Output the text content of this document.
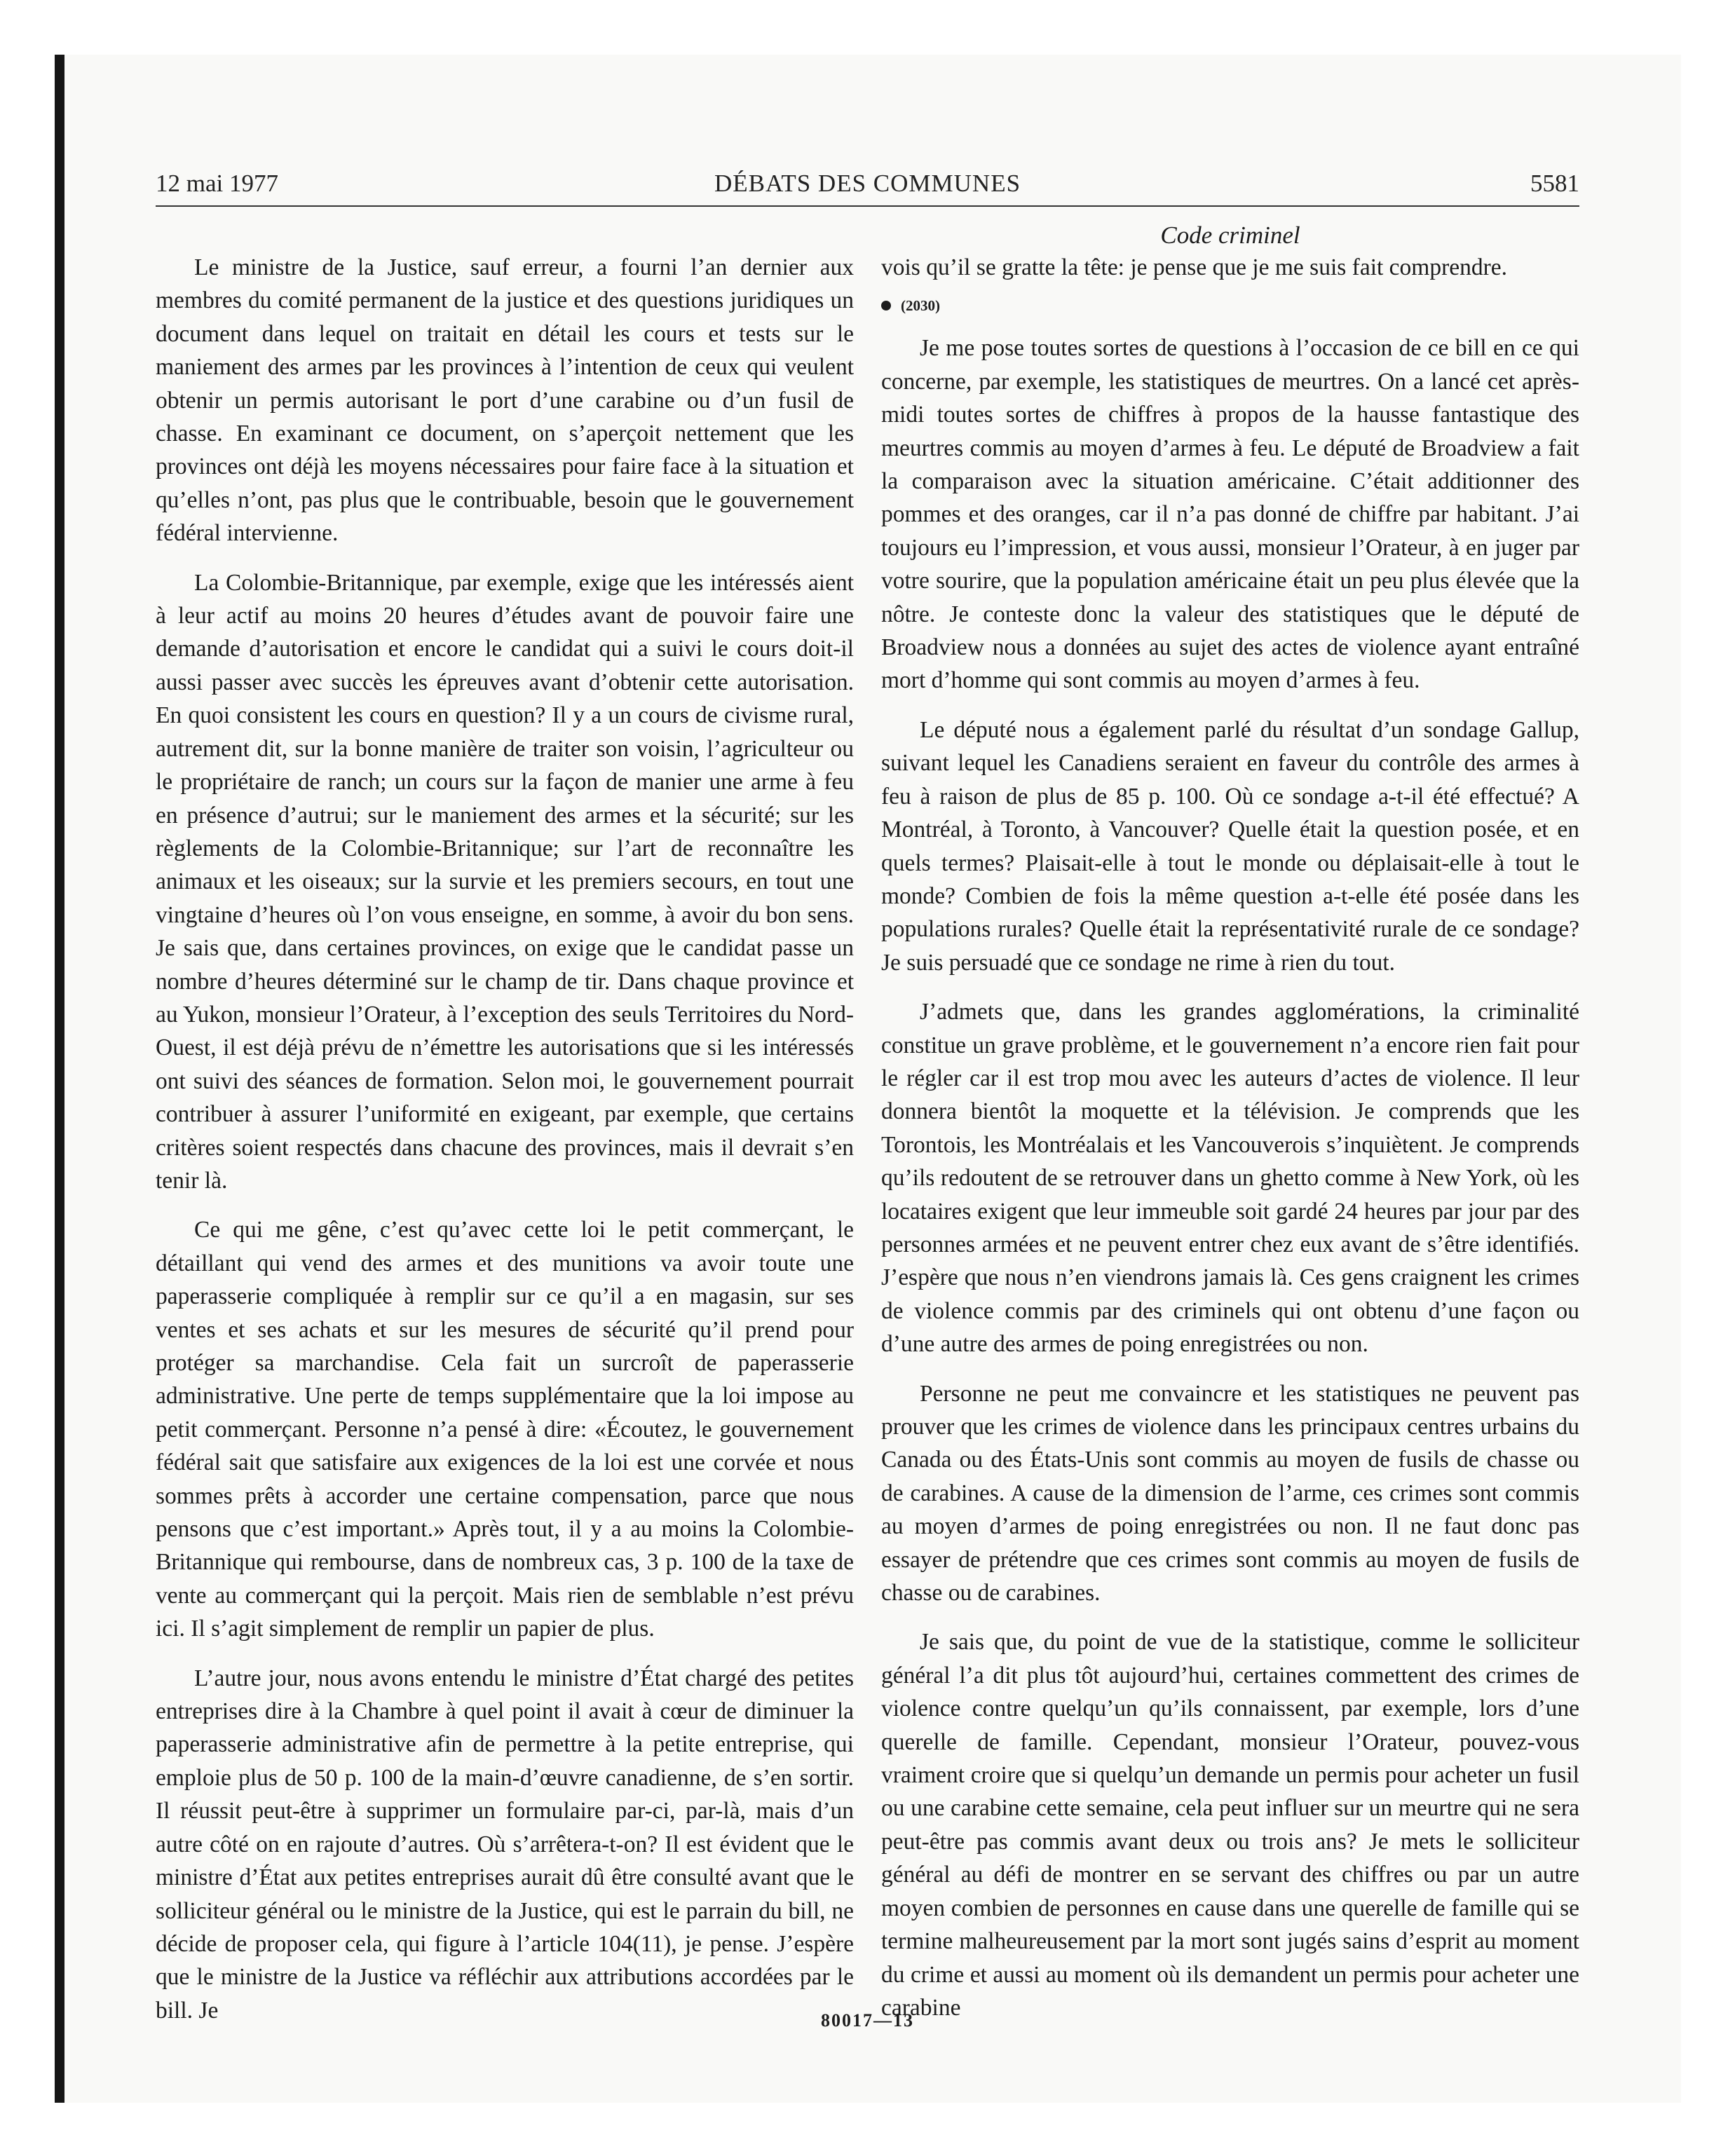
12 mai 1977	DÉBATS DES COMMUNES	5581
Code criminel

Le ministre de la Justice, sauf erreur, a fourni l’an dernier aux membres du comité permanent de la justice et des questions juridiques un document dans lequel on traitait en détail les cours et tests sur le maniement des armes par les provinces à l’intention de ceux qui veulent obtenir un permis autorisant le port d’une carabine ou d’un fusil de chasse. En examinant ce document, on s’aperçoit nettement que les provinces ont déjà les moyens nécessaires pour faire face à la situation et qu’elles n’ont, pas plus que le contribuable, besoin que le gouvernement fédéral intervienne.

La Colombie-Britannique, par exemple, exige que les intéressés aient à leur actif au moins 20 heures d’études avant de pouvoir faire une demande d’autorisation et encore le candidat qui a suivi le cours doit-il aussi passer avec succès les épreuves avant d’obtenir cette autorisation. En quoi consistent les cours en question? Il y a un cours de civisme rural, autrement dit, sur la bonne manière de traiter son voisin, l’agriculteur ou le propriétaire de ranch; un cours sur la façon de manier une arme à feu en présence d’autrui; sur le maniement des armes et la sécurité; sur les règlements de la Colombie-Britannique; sur l’art de reconnaître les animaux et les oiseaux; sur la survie et les premiers secours, en tout une vingtaine d’heures où l’on vous enseigne, en somme, à avoir du bon sens. Je sais que, dans certaines provinces, on exige que le candidat passe un nombre d’heures déterminé sur le champ de tir. Dans chaque province et au Yukon, monsieur l’Orateur, à l’exception des seuls Territoires du Nord-Ouest, il est déjà prévu de n’émettre les autorisations que si les intéressés ont suivi des séances de formation. Selon moi, le gouvernement pourrait contribuer à assurer l’uniformité en exigeant, par exemple, que certains critères soient respectés dans chacune des provinces, mais il devrait s’en tenir là.

Ce qui me gêne, c’est qu’avec cette loi le petit commerçant, le détaillant qui vend des armes et des munitions va avoir toute une paperasserie compliquée à remplir sur ce qu’il a en magasin, sur ses ventes et ses achats et sur les mesures de sécurité qu’il prend pour protéger sa marchandise. Cela fait un surcroît de paperasserie administrative. Une perte de temps supplémentaire que la loi impose au petit commerçant. Personne n’a pensé à dire: «Écoutez, le gouvernement fédéral sait que satisfaire aux exigences de la loi est une corvée et nous sommes prêts à accorder une certaine compensation, parce que nous pensons que c’est important.» Après tout, il y a au moins la Colombie-Britannique qui rembourse, dans de nombreux cas, 3 p. 100 de la taxe de vente au commerçant qui la perçoit. Mais rien de semblable n’est prévu ici. Il s’agit simplement de remplir un papier de plus.

L’autre jour, nous avons entendu le ministre d’État chargé des petites entreprises dire à la Chambre à quel point il avait à cœur de diminuer la paperasserie administrative afin de permettre à la petite entreprise, qui emploie plus de 50 p. 100 de la main-d’œuvre canadienne, de s’en sortir. Il réussit peut-être à supprimer un formulaire par-ci, par-là, mais d’un autre côté on en rajoute d’autres. Où s’arrêtera-t-on? Il est évident que le ministre d’État aux petites entreprises aurait dû être consulté avant que le solliciteur général ou le ministre de la Justice, qui est le parrain du bill, ne décide de proposer cela, qui figure à l’article 104(11), je pense. J’espère que le ministre de la Justice va réfléchir aux attributions accordées par le bill. Je

vois qu’il se gratte la tête: je pense que je me suis fait comprendre.

(2030)

Je me pose toutes sortes de questions à l’occasion de ce bill en ce qui concerne, par exemple, les statistiques de meurtres. On a lancé cet après-midi toutes sortes de chiffres à propos de la hausse fantastique des meurtres commis au moyen d’armes à feu. Le député de Broadview a fait la comparaison avec la situation américaine. C’était additionner des pommes et des oranges, car il n’a pas donné de chiffre par habitant. J’ai toujours eu l’impression, et vous aussi, monsieur l’Orateur, à en juger par votre sourire, que la population américaine était un peu plus élevée que la nôtre. Je conteste donc la valeur des statistiques que le député de Broadview nous a données au sujet des actes de violence ayant entraîné mort d’homme qui sont commis au moyen d’armes à feu.

Le député nous a également parlé du résultat d’un sondage Gallup, suivant lequel les Canadiens seraient en faveur du contrôle des armes à feu à raison de plus de 85 p. 100. Où ce sondage a-t-il été effectué? A Montréal, à Toronto, à Vancouver? Quelle était la question posée, et en quels termes? Plaisait-elle à tout le monde ou déplaisait-elle à tout le monde? Combien de fois la même question a-t-elle été posée dans les populations rurales? Quelle était la représentativité rurale de ce sondage? Je suis persuadé que ce sondage ne rime à rien du tout.

J’admets que, dans les grandes agglomérations, la criminalité constitue un grave problème, et le gouvernement n’a encore rien fait pour le régler car il est trop mou avec les auteurs d’actes de violence. Il leur donnera bientôt la moquette et la télévision. Je comprends que les Torontois, les Montréalais et les Vancouverois s’inquiètent. Je comprends qu’ils redoutent de se retrouver dans un ghetto comme à New York, où les locataires exigent que leur immeuble soit gardé 24 heures par jour par des personnes armées et ne peuvent entrer chez eux avant de s’être identifiés. J’espère que nous n’en viendrons jamais là. Ces gens craignent les crimes de violence commis par des criminels qui ont obtenu d’une façon ou d’une autre des armes de poing enregistrées ou non.

Personne ne peut me convaincre et les statistiques ne peuvent pas prouver que les crimes de violence dans les principaux centres urbains du Canada ou des États-Unis sont commis au moyen de fusils de chasse ou de carabines. A cause de la dimension de l’arme, ces crimes sont commis au moyen d’armes de poing enregistrées ou non. Il ne faut donc pas essayer de prétendre que ces crimes sont commis au moyen de fusils de chasse ou de carabines.

Je sais que, du point de vue de la statistique, comme le solliciteur général l’a dit plus tôt aujourd’hui, certaines commettent des crimes de violence contre quelqu’un qu’ils connaissent, par exemple, lors d’une querelle de famille. Cependant, monsieur l’Orateur, pouvez-vous vraiment croire que si quelqu’un demande un permis pour acheter un fusil ou une carabine cette semaine, cela peut influer sur un meurtre qui ne sera peut-être pas commis avant deux ou trois ans? Je mets le solliciteur général au défi de montrer en se servant des chiffres ou par un autre moyen combien de personnes en cause dans une querelle de famille qui se termine malheureusement par la mort sont jugés sains d’esprit au moment du crime et aussi au moment où ils demandent un permis pour acheter une carabine

80017—13
